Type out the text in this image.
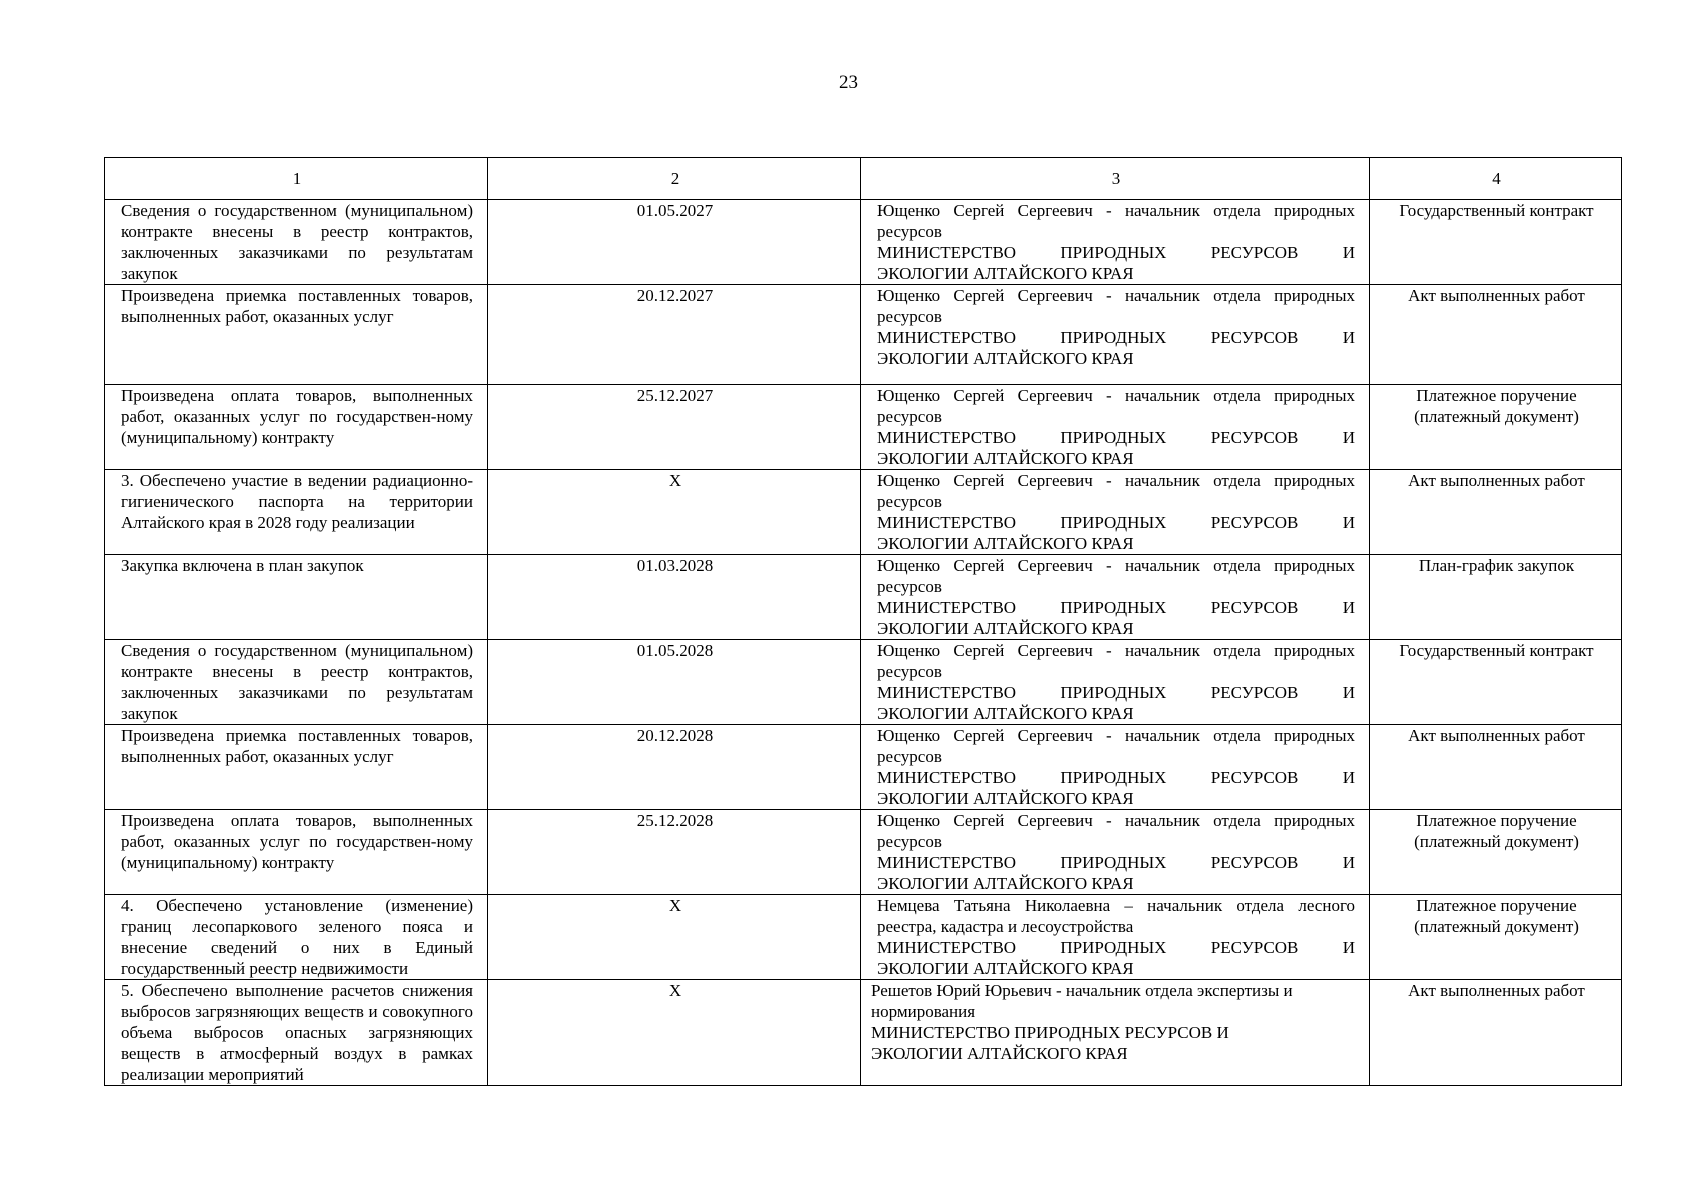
23
1	2	3	4
Сведения о государственном (муниципальном) контракте внесены в реестр контрактов, заключенных заказчиками по результатам закупок	01.05.2027	Ющенко Сергей Сергеевич - начальник отдела природных ресурсов
МИНИСТЕРСТВО ПРИРОДНЫХ РЕСУРСОВ И
ЭКОЛОГИИ АЛТАЙСКОГО КРАЯ	Государственный контракт
Произведена приемка поставленных товаров, выполненных работ, оказанных услуг	20.12.2027	Ющенко Сергей Сергеевич - начальник отдела природных ресурсов
МИНИСТЕРСТВО ПРИРОДНЫХ РЕСУРСОВ И
ЭКОЛОГИИ АЛТАЙСКОГО КРАЯ	Акт выполненных работ
Произведена оплата товаров, выполненных работ, оказанных услуг по государствен-ному (муниципальному) контракту	25.12.2027	Ющенко Сергей Сергеевич - начальник отдела природных ресурсов
МИНИСТЕРСТВО ПРИРОДНЫХ РЕСУРСОВ И
ЭКОЛОГИИ АЛТАЙСКОГО КРАЯ	Платежное поручение (платежный документ)
3. Обеспечено участие в ведении радиационно-гигиенического паспорта на территории Алтайского края в 2028 году реализации	Х	Ющенко Сергей Сергеевич - начальник отдела природных ресурсов
МИНИСТЕРСТВО ПРИРОДНЫХ РЕСУРСОВ И
ЭКОЛОГИИ АЛТАЙСКОГО КРАЯ	Акт выполненных работ
Закупка включена в план закупок	01.03.2028	Ющенко Сергей Сергеевич - начальник отдела природных ресурсов
МИНИСТЕРСТВО ПРИРОДНЫХ РЕСУРСОВ И
ЭКОЛОГИИ АЛТАЙСКОГО КРАЯ	План-график закупок
Сведения о государственном (муниципальном) контракте внесены в реестр контрактов, заключенных заказчиками по результатам закупок	01.05.2028	Ющенко Сергей Сергеевич - начальник отдела природных ресурсов
МИНИСТЕРСТВО ПРИРОДНЫХ РЕСУРСОВ И
ЭКОЛОГИИ АЛТАЙСКОГО КРАЯ	Государственный контракт
Произведена приемка поставленных товаров, выполненных работ, оказанных услуг	20.12.2028	Ющенко Сергей Сергеевич - начальник отдела природных ресурсов
МИНИСТЕРСТВО ПРИРОДНЫХ РЕСУРСОВ И
ЭКОЛОГИИ АЛТАЙСКОГО КРАЯ	Акт выполненных работ
Произведена оплата товаров, выполненных работ, оказанных услуг по государствен-ному (муниципальному) контракту	25.12.2028	Ющенко Сергей Сергеевич - начальник отдела природных ресурсов
МИНИСТЕРСТВО ПРИРОДНЫХ РЕСУРСОВ И
ЭКОЛОГИИ АЛТАЙСКОГО КРАЯ	Платежное поручение (платежный документ)
4. Обеспечено установление (изменение) границ лесопаркового зеленого пояса и внесение сведений о них в Единый государственный реестр недвижимости	Х	Немцева Татьяна Николаевна – начальник отдела лесного реестра, кадастра и лесоустройства
МИНИСТЕРСТВО ПРИРОДНЫХ РЕСУРСОВ И
ЭКОЛОГИИ АЛТАЙСКОГО КРАЯ	Платежное поручение (платежный документ)
5. Обеспечено выполнение расчетов снижения выбросов загрязняющих веществ и совокупного объема выбросов опасных загрязняющих веществ в атмосферный воздух в рамках реализации мероприятий	Х	Решетов Юрий Юрьевич - начальник отдела экспертизы и нормирования
МИНИСТЕРСТВО ПРИРОДНЫХ РЕСУРСОВ И
ЭКОЛОГИИ АЛТАЙСКОГО КРАЯ	Акт выполненных работ
